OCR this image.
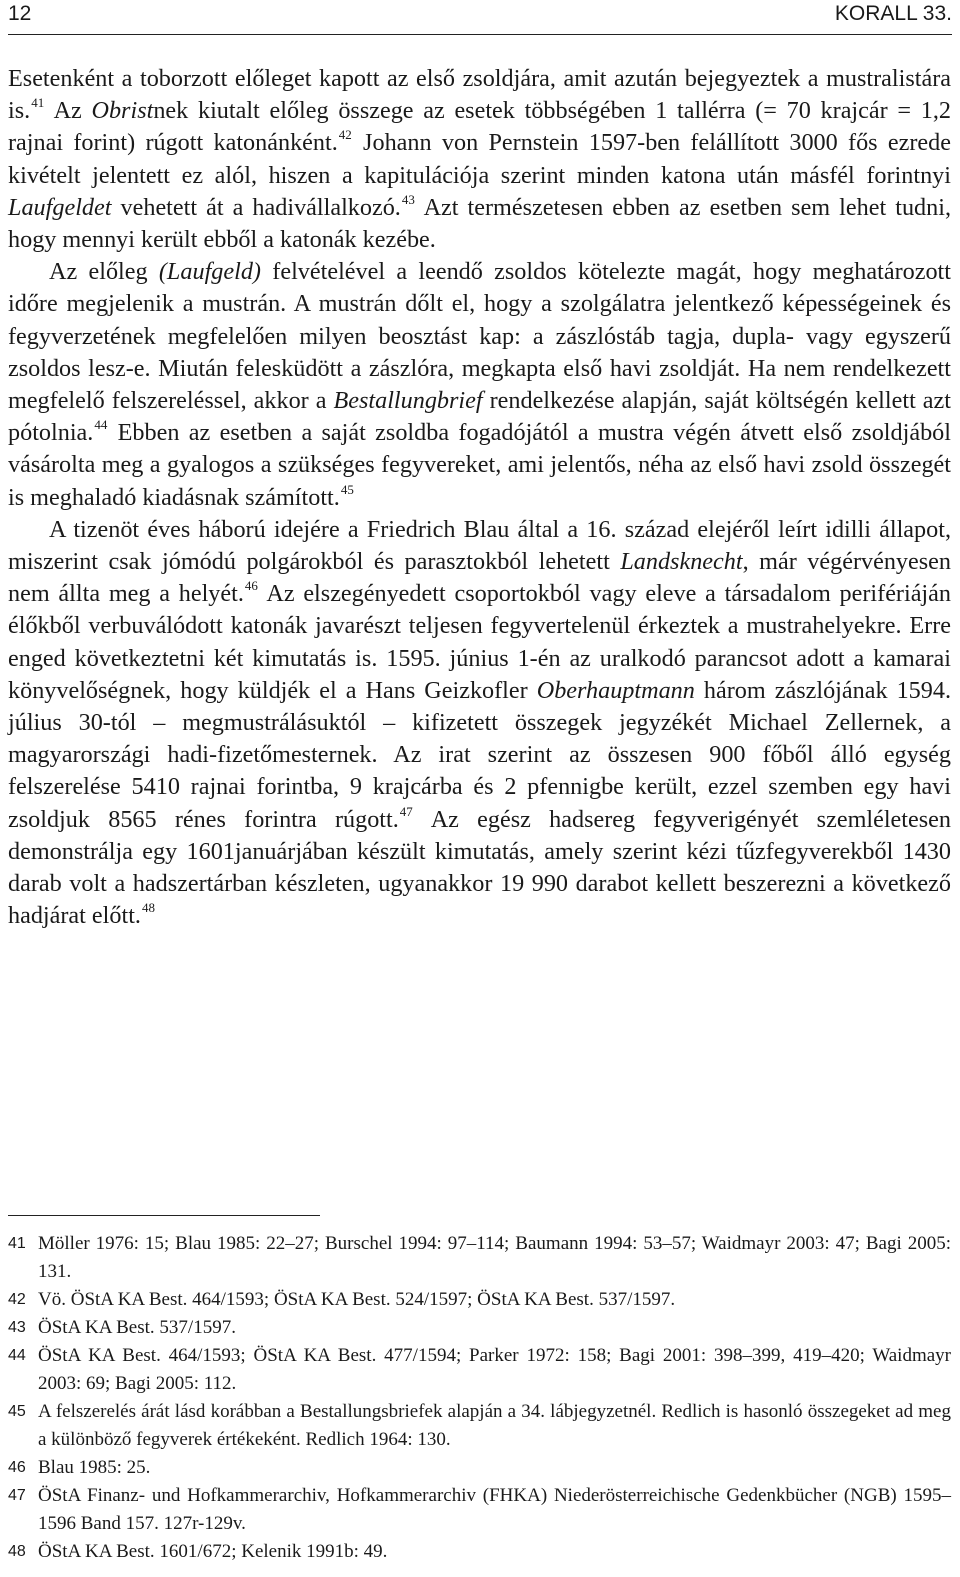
12	KORALL 33.

Esetenként a toborzott előleget kapott az első zsoldjára, amit azután bejegyeztek a mustralistára is.$^{41}$ Az Obristnek kiutalt előleg összege az esetek többségében 1 tallérra (= 70 krajcár = 1,2 rajnai forint) rúgott katonánként.$^{42}$ Johann von Pernstein 1597-ben felállított 3000 fős ezrede kivételt jelentett ez alól, hiszen a kapitulációja szerint minden katona után másfél forintnyi Laufgeldet vehetett át a hadivállalkozó.$^{43}$ Azt természetesen ebben az esetben sem lehet tudni, hogy mennyi került ebből a katonák kezébe.

Az előleg (Laufgeld) felvételével a leendő zsoldos kötelezte magát, hogy meghatározott időre megjelenik a mustrán. A mustrán dőlt el, hogy a szolgálatra jelentkező képességeinek és fegyverzetének megfelelően milyen beosztást kap: a zászlóstáb tagja, dupla- vagy egyszerű zsoldos lesz-e. Miután felesküdött a zászlóra, megkapta első havi zsoldját. Ha nem rendelkezett megfelelő felszereléssel, akkor a Bestallungbrief rendelkezése alapján, saját költségén kellett azt pótolnia.$^{44}$ Ebben az esetben a saját zsoldba fogadójától a mustra végén átvett első zsoldjából vásárolta meg a gyalogos a szükséges fegyvereket, ami jelentős, néha az első havi zsold összegét is meghaladó kiadásnak számított.$^{45}$

A tizenöt éves háború idejére a Friedrich Blau által a 16. század elejéről leírt idilli állapot, miszerint csak jómódú polgárokból és parasztokból lehetett Landsknecht, már végérvényesen nem állta meg a helyét.$^{46}$ Az elszegényedett csoportokból vagy eleve a társadalom perifériáján élőkből verbuválódott katonák javarészt teljesen fegyvertelenül érkeztek a mustrahelyekre. Erre enged következtetni két kimutatás is. 1595. június 1-én az uralkodó parancsot adott a kamarai könyvelőségnek, hogy küldjék el a Hans Geizkofler Oberhauptmann három zászlójának 1594. július 30-tól – megmustrálásuktól – kifizetett összegek jegyzékét Michael Zellernek, a magyarországi hadi-fizetőmesternek. Az irat szerint az összesen 900 főből álló egység felszerelése 5410 rajnai forintba, 9 krajcárba és 2 pfennigbe került, ezzel szemben egy havi zsoldjuk 8565 rénes forintra rúgott.$^{47}$ Az egész hadsereg fegyverigényét szemléletesen demonstrálja egy 1601januárjában készült kimutatás, amely szerint kézi tűzfegyverekből 1430 darab volt a hadszertárban készleten, ugyanakkor 19 990 darabot kellett beszerezni a következő hadjárat előtt.$^{48}$

41 Möller 1976: 15; Blau 1985: 22–27; Burschel 1994: 97–114; Baumann 1994: 53–57; Waidmayr 2003: 47; Bagi 2005: 131.
42 Vö. ÖStA KA Best. 464/1593; ÖStA KA Best. 524/1597; ÖStA KA Best. 537/1597.
43 ÖStA KA Best. 537/1597.
44 ÖStA KA Best. 464/1593; ÖStA KA Best. 477/1594; Parker 1972: 158; Bagi 2001: 398–399, 419–420; Waidmayr 2003: 69; Bagi 2005: 112.
45 A felszerelés árát lásd korábban a Bestallungsbriefek alapján a 34. lábjegyzetnél. Redlich is hasonló összegeket ad meg a különböző fegyverek értékeként. Redlich 1964: 130.
46 Blau 1985: 25.
47 ÖStA Finanz- und Hofkammerarchiv, Hofkammerarchiv (FHKA) Niederösterreichische Gedenkbücher (NGB) 1595–1596 Band 157. 127r-129v.
48 ÖStA KA Best. 1601/672; Kelenik 1991b: 49.
